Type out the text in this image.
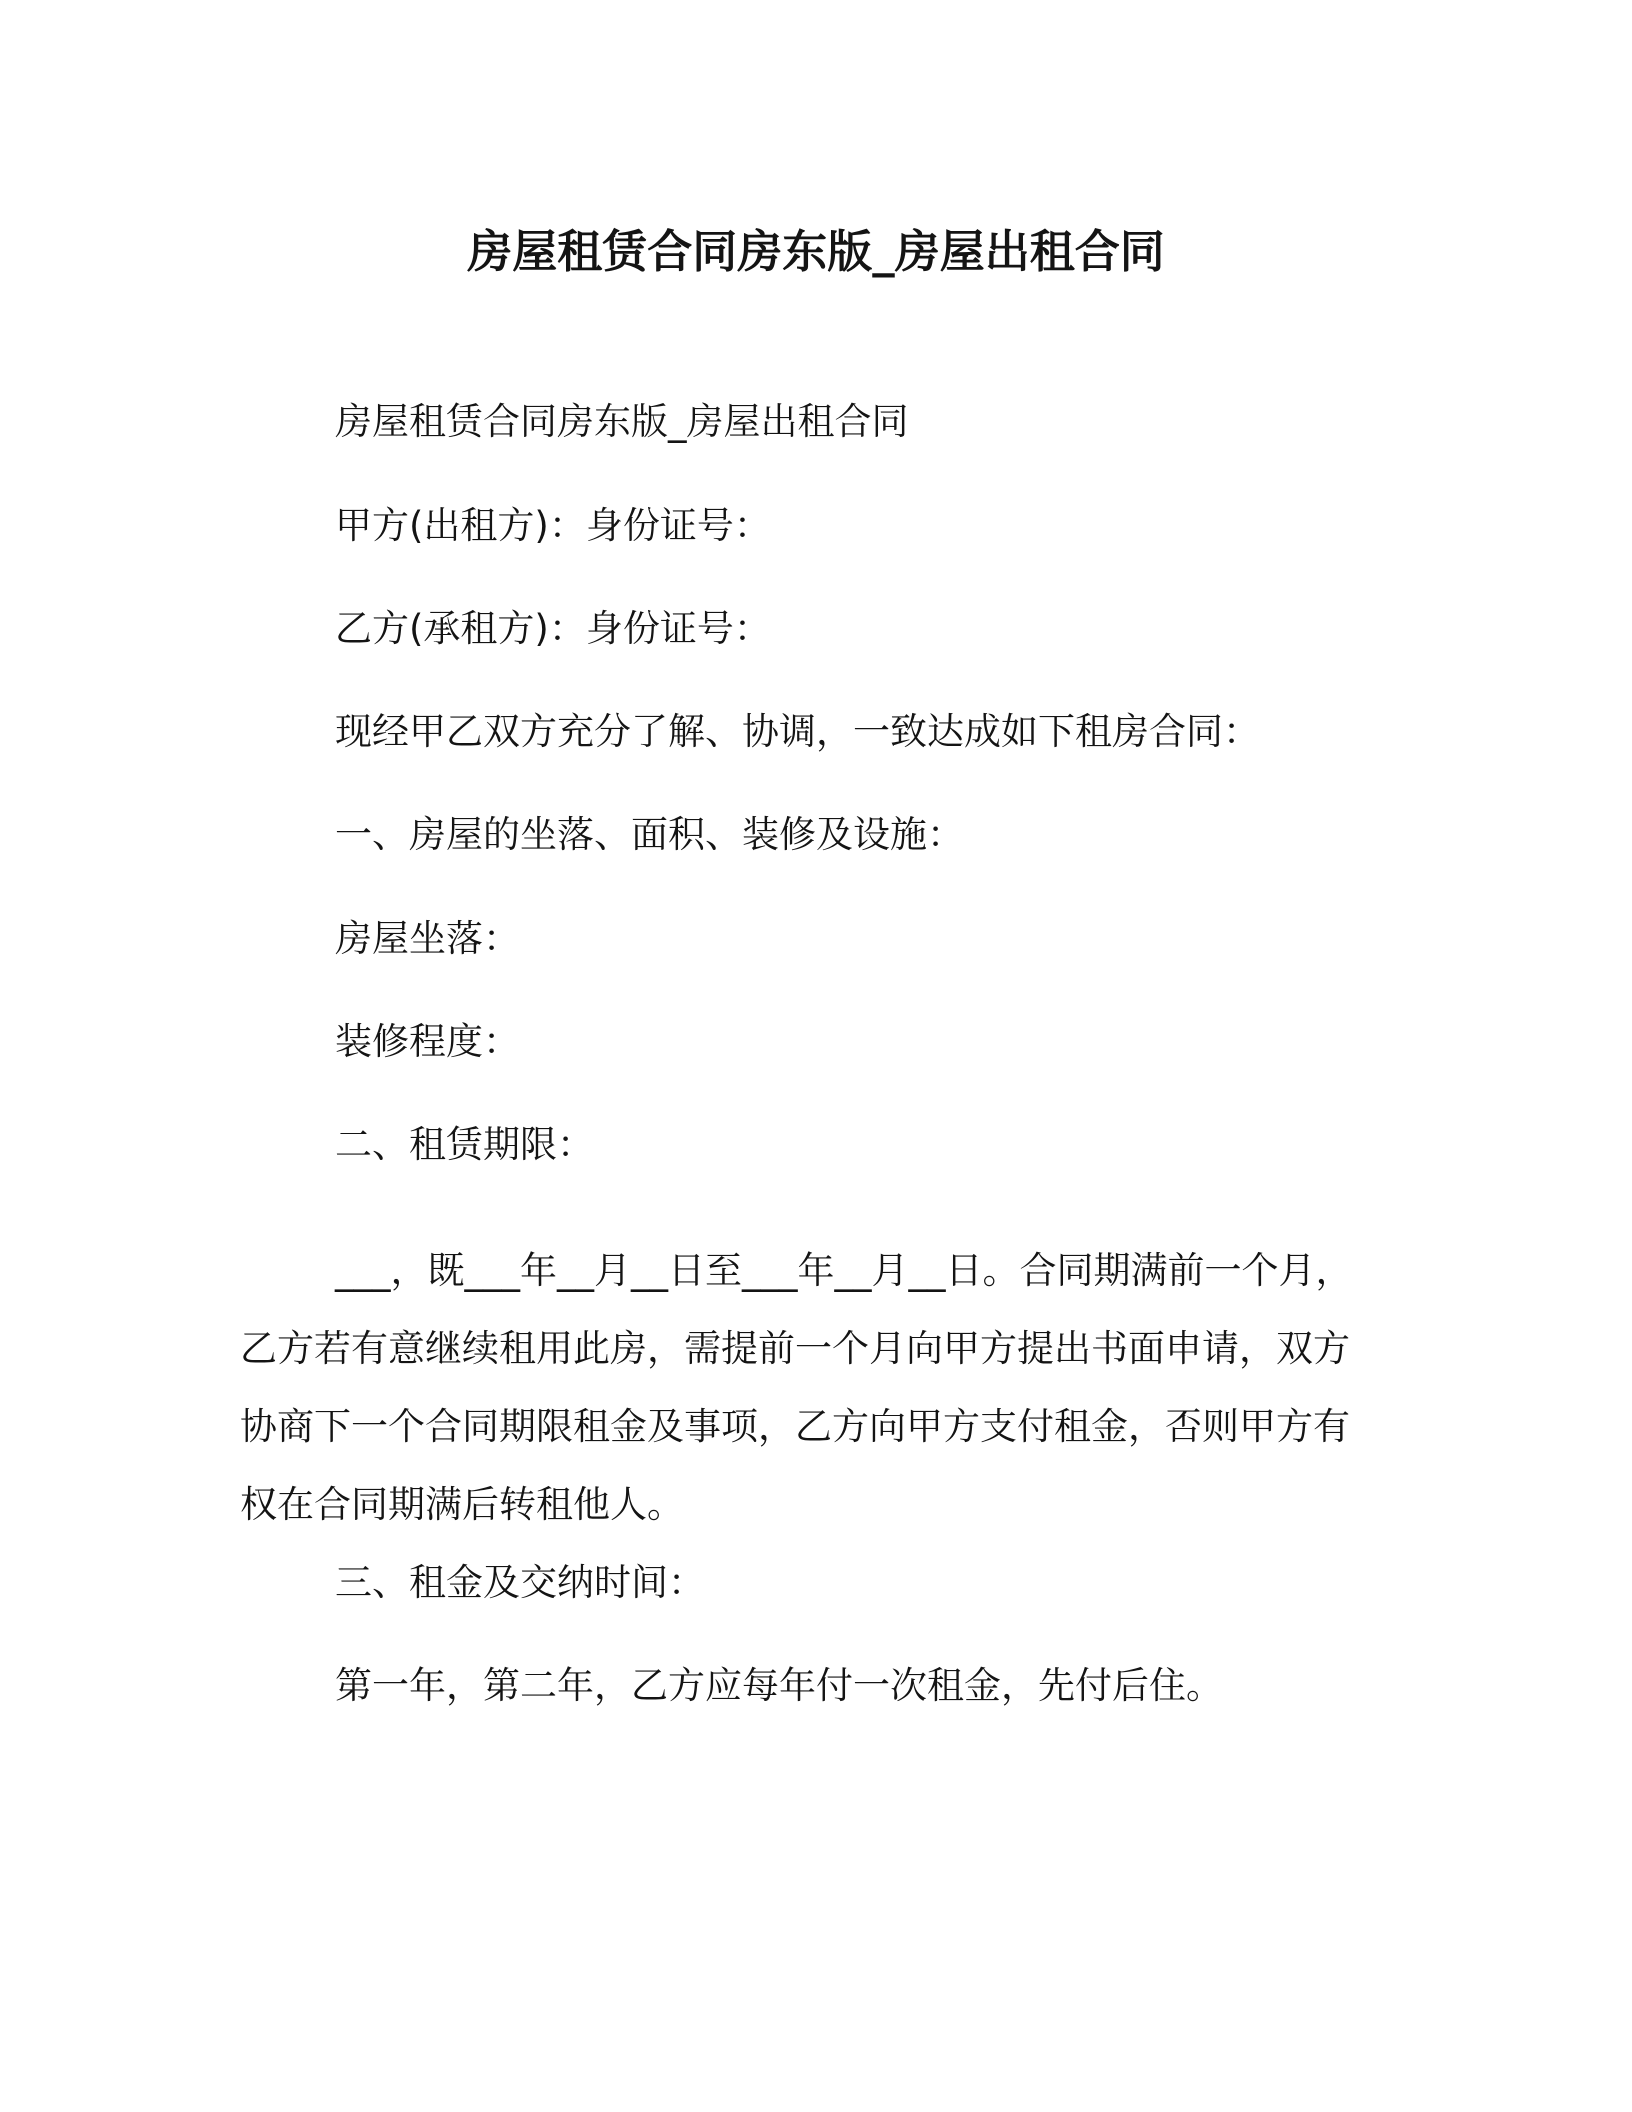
房屋租赁合同房东版_房屋出租合同

房屋租赁合同房东版_房屋出租合同

甲方(出租方)：身份证号：

乙方(承租方)：身份证号：

现经甲乙双方充分了解、协调，一致达成如下租房合同：

一、房屋的坐落、面积、装修及设施：

房屋坐落：

装修程度：

二、租赁期限：

___，既___年__月__日至___年__月__日。合同期满前一个月，
乙方若有意继续租用此房，需提前一个月向甲方提出书面申请，双方
协商下一个合同期限租金及事项，乙方向甲方支付租金，否则甲方有
权在合同期满后转租他人。

三、租金及交纳时间：

第一年，第二年，乙方应每年付一次租金，先付后住。
